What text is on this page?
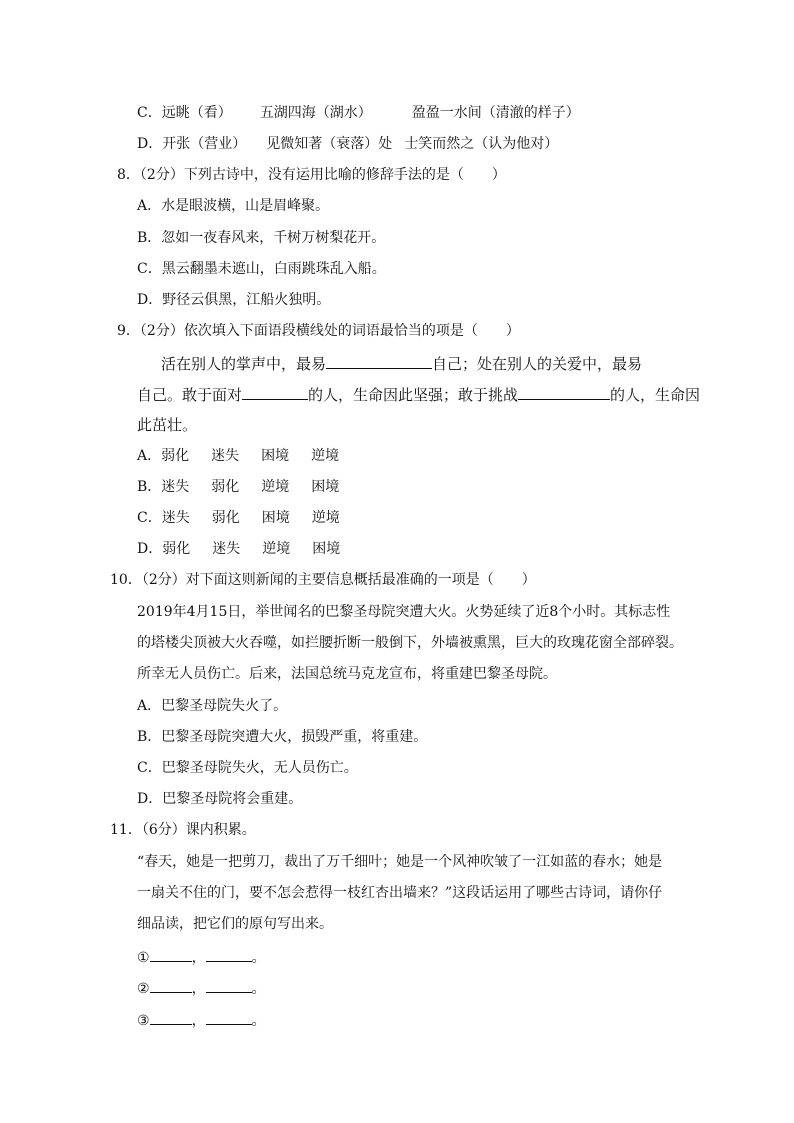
C．远眺（看） 五湖四海（湖水）	盈盈一水间（清澈的样子）
D．开张（营业） 见微知著（衰落）处 士笑而然之（认为他对）
8．（2分）下列古诗中，没有运用比喻的修辞手法的是（　　）
A．水是眼波横，山是眉峰聚。
B．忽如一夜春风来，千树万树梨花开。
C．黑云翻墨未遮山，白雨跳珠乱入船。
D．野径云俱黑，江船火独明。
9．（2分）依次填入下面语段横线处的词语最恰当的项是（　　）
活在别人的掌声中，最易	自己；处在别人的关爱中，最易
自己。敢于面对	的人，生命因此坚强；敢于挑战	的人，生命因
此茁壮。
A．弱化 迷失 困境 逆境
B．迷失 弱化 逆境 困境
C．迷失 弱化 困境 逆境
D．弱化 迷失 逆境 困境
10．（2分）对下面这则新闻的主要信息概括最准确的一项是（　　）
2019年4月15日，举世闻名的巴黎圣母院突遭大火。火势延续了近8个小时。其标志性
的塔楼尖顶被大火吞噬，如拦腰折断一般倒下，外墙被熏黑，巨大的玫瑰花窗全部碎裂。
所幸无人员伤亡。后来，法国总统马克龙宣布，将重建巴黎圣母院。
A．巴黎圣母院失火了。
B．巴黎圣母院突遭大火，损毁严重，将重建。
C．巴黎圣母院失火，无人员伤亡。
D．巴黎圣母院将会重建。
11．（6分）课内积累。
“春天，她是一把剪刀，裁出了万千细叶；她是一个风神吹皱了一江如蓝的春水；她是
一扇关不住的门，要不怎会惹得一枝红杏出墙来？”这段话运用了哪些古诗词，请你仔
细品读，把它们的原句写出来。
①	，	。
②	，	。
③	，	。
